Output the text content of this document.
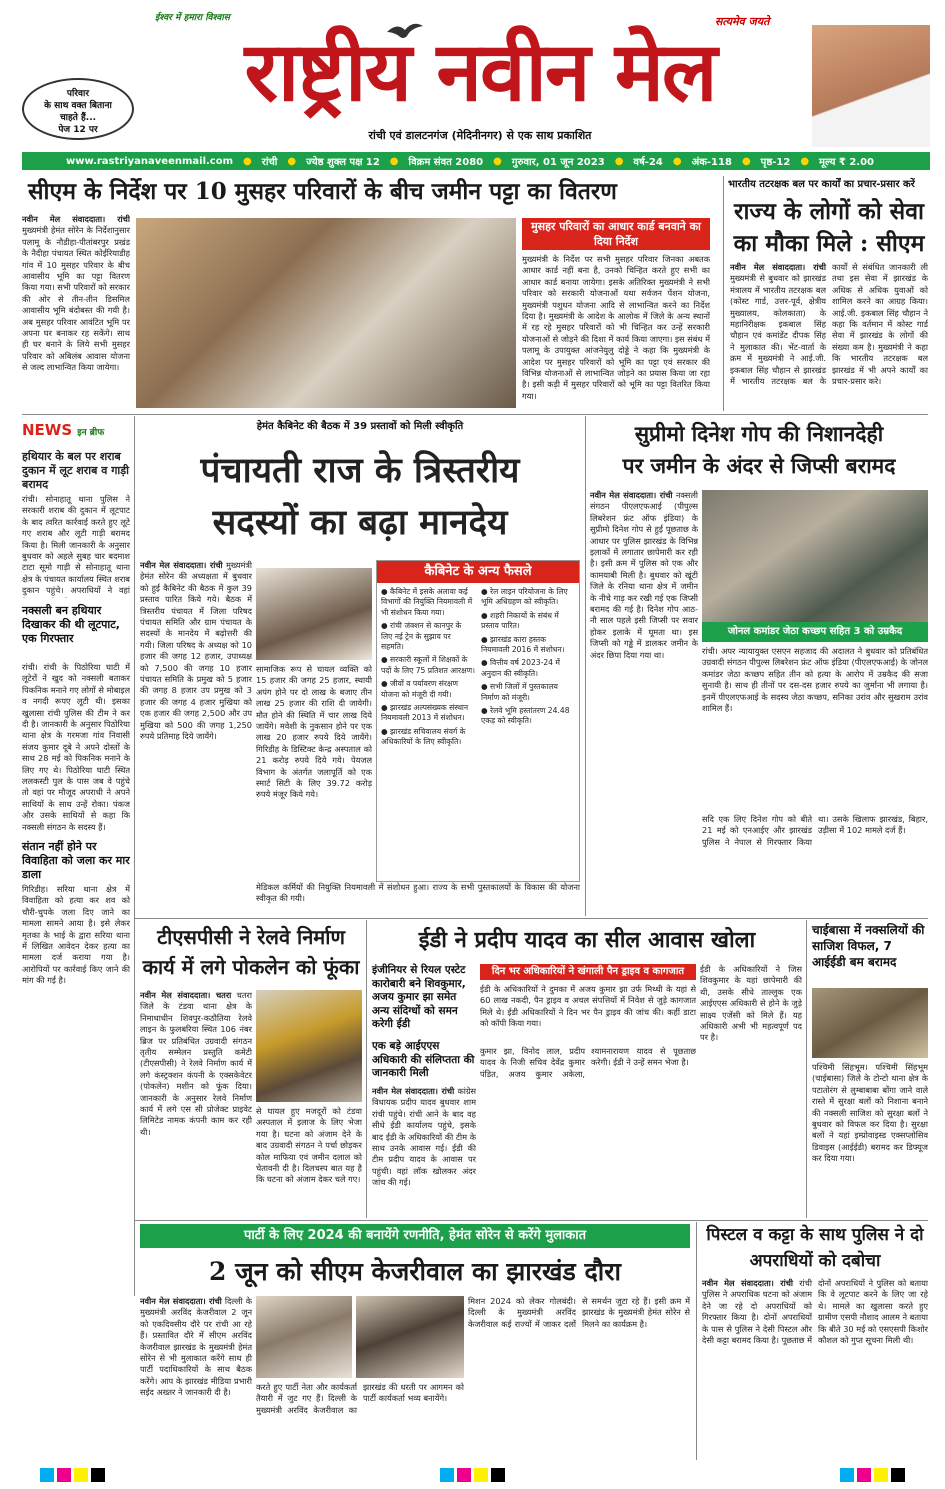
ईश्वर में हमारा विश्वास	सत्यमेव जयते
परिवार
के साथ वक्त बिताना
चाहते हैं...
पेज 12 पर
राष्ट्रीय नवीन मेल
रांची एवं डालटनगंज (मेदिनीनगर) से एक साथ प्रकाशित
www.rastriyanaveenmail.com ● रांची ● ज्येष्ठ शुक्ल पक्ष 12 ● विक्रम संवत 2080 ● गुरुवार, 01 जून 2023 ● वर्ष-24 ● अंक-118 ● पृष्ठ-12 ● मूल्य ₹ 2.00
सीएम के निर्देश पर 10 मुसहर परिवारों के बीच जमीन पट्टा का वितरण
नवीन मेल संवाददाता। रांची मुख्यमंत्री हेमंत सोरेन के निर्देशानुसार पलामू के नौडीहा-पीतांबरपुर प्रखंड के नैदीहा पंचायत स्थित कोईरियाडीह गांव में 10 मुसहर परिवार के बीच आवासीय भूमि का पट्टा वितरण किया गया। सभी परिवारों को सरकार की ओर से तीन-तीन डिसमिल आवासीय भूमि बंदोबस्त की गयी है। अब मुसहर परिवार आवंटित भूमि पर अपना घर बनाकर रह सकेंगे। साथ ही घर बनाने के लिये सभी मुसहर परिवार को अबिलंब आवास योजना से जल्द लाभान्वित किया जायेगा।
मुसहर परिवारों का आधार कार्ड बनवाने का दिया निर्देश
मुख्यमंत्री के निर्देश पर सभी मुसहर परिवार जिनका अबतक आधार कार्ड नहीं बना है, उनको चिन्हित करते हुए सभी का आधार कार्ड बनाया जायेगा। इसके अतिरिक्त मुख्यमंत्री ने सभी परिवार को सरकारी योजनाओं यथा सर्वजन पेंशन योजना, मुख्यमंत्री पशुधन योजना आदि से लाभान्वित करने का निर्देश दिया है। मुख्यमंत्री के आदेश के आलोक में जिले के अन्य स्थानों में रह रहे मुसहर परिवारों को भी चिन्हित कर उन्हें सरकारी योजनाओं से जोड़ने की दिशा में कार्य किया जाएगा। इस संबंध में पलामू के उपायुक्त आंजनेयुलु दोड्डे ने कहा कि मुख्यमंत्री के आदेश पर मुसहर परिवारों को भूमि का पट्टा एवं सरकार की विभिन्न योजनाओं से लाभान्वित जोड़ने का प्रयास किया जा रहा है। इसी कड़ी में मुसहर परिवारों को भूमि का पट्टा वितरित किया गया।
भारतीय तटरक्षक बल पर कार्यों का प्रचार-प्रसार करें
राज्य के लोगों को सेवा का मौका मिले : सीएम
नवीन मेल संवाददाता। रांची मुख्यमंत्री से बुधवार को झारखंड मंत्रालय में भारतीय तटरक्षक बल (कोस्ट गार्ड, उत्तर-पूर्व, क्षेत्रीय मुख्यालय, कोलकाता) के महानिरीक्षक इकबाल सिंह चौहान एवं कमांडेंट दीपक सिंह ने मुलाकात की। भेंट-वार्ता के क्रम में मुख्यमंत्री ने आई.जी. इकबाल सिंह चौहान से झारखंड में भारतीय तटरक्षक बल के कार्यों से संबंधित जानकारी ली तथा इस सेवा में झारखंड के अधिक से अधिक युवाओं को शामिल करने का आग्रह किया। आई.जी. इकबाल सिंह चौहान ने कहा कि वर्तमान में कोस्ट गार्ड सेवा में झारखंड के लोगों की संख्या कम है। मुख्यमंत्री ने कहा कि भारतीय तटरक्षक बल झारखंड में भी अपने कार्यों का प्रचार-प्रसार करे।
NEWS इन ब्रीफ
हथियार के बल पर शराब दुकान में लूट शराब व गाड़ी बरामद
रांची। सोनाहातू थाना पुलिस ने सरकारी शराब की दुकान में लूटपाट के बाद त्वरित कार्रवाई करते हुए लूटे गए शराब और लूटी गाड़ी बरामद किया है। मिली जानकारी के अनुसार बुधवार को अहले सुबह चार बदमाश टाटा सूमो गाड़ी से सोनाहातू थाना क्षेत्र के पंचायत कार्यालय स्थित शराब दुकान पहुंचे। अपराधियों ने वहां
नक्सली बन हथियार दिखाकर की थी लूटपाट, एक गिरफ्तार
रांची। रांची के पिठोरिया घाटी में लूटेरों ने खुद को नक्सली बताकर पिकनिक मनाने गए लोगों से मोबाइल व नगदी रूपए लूटी थी। इसका खुलासा रांची पुलिस की टीम ने कर दी है। जानकारी के अनुसार पिठोरिया थाना क्षेत्र के गरमजा गांव निवासी संजय कुमार दूबे ने अपने दोस्तों के साथ 28 मई को पिकनिक मनाने के लिए गए थे। पिठोरिया घाटी स्थित ललकस्टी पुल के पास जब वे पहुंचे तो वहां पर मौजूद अपराधी ने अपने साथियों के साथ उन्हें रोका। पंकज और उसके साथियों से कहा कि नक्सली संगठन के सदस्य हैं।
संतान नहीं होने पर विवाहिता को जला कर मार डाला
गिरिडीह। सरिया थाना क्षेत्र में विवाहिता को हत्या कर शव को चौरी-चुपके जला दिए जाने का मामला सामने आया है। इसे लेकर मृतका के भाई के द्वारा सरिया थाना में लिखित आवेदन देकर हत्या का मामला दर्ज कराया गया है। आरोपियों पर कार्रवाई किए जाने की मांग की गई है।
हेमंत कैबिनेट की बैठक में 39 प्रस्तावों को मिली स्वीकृति
पंचायती राज के त्रिस्तरीय
सदस्यों का बढ़ा मानदेय
नवीन मेल संवाददाता। रांची मुख्यमंत्री हेमंत सोरेन की अध्यक्षता में बुधवार को हुई कैबिनेट की बैठक में कुल 39 प्रस्ताव पारित किये गये। बैठक में त्रिस्तरीय पंचायत में जिला परिषद पंचायत समिति और ग्राम पंचायत के सदस्यों के मानदेय में बढ़ोत्तरी की गयी। जिला परिषद के अध्यक्ष को 10 हजार की जगह 12 हजार, उपाध्यक्ष को 7,500 की जगह 10 हजार पंचायत समिति के प्रमुख को 5 हजार की जगह 8 हजार उप प्रमुख को 3 हजार की जगह 4 हजार मुखिया को एक हजार की जगह 2,500 और उप मुखिया को 500 की जगह 1,250 रुपये प्रतिमाह दिये जायेंगे।
सामाजिक रूप से घायल व्यक्ति को 15 हजार की जगह 25 हजार, स्थायी अपंग होने पर दो लाख के बजाए तीन लाख 25 हजार की राशि दी जायेगी। मौत होने की स्थिति में चार लाख दिये जायेंगे। मवेशी के नुकसान होने पर एक लाख 20 हजार रुपये दिये जायेंगे। गिरिडीह के डिस्टिक्ट केन्द्र अस्पताल को 21 करोड़ रुपये दिये गये। पेयजल विभाग के अंतर्गत जलापूर्ति को एक स्मार्ट सिटी के लिए 39.72 करोड़ रुपये मंजूर किये गये।
कैबिनेट के अन्य फैसले
● कैबिनेट में इसके अलावा कई विभागों की नियुक्ति नियमावली में भी संशोधन किया गया।
● रांची जंक्शन से कानपुर के लिए नई ट्रेन के सुझाव पर सहमति।
● सरकारी स्कूलों में शिक्षकों के पदों के लिए 75 प्रतिशत आरक्षण।
● जीवों व पर्यावरण संरक्षण योजना को मंजूरी दी गयी।
● झारखंड अल्पसंख्यक संस्थान नियमावली 2013 में संशोधन।
● झारखंड सचिवालय संवर्ग के अधिकारियों के लिए स्वीकृति।
● रेल लाइन परियोजना के लिए भूमि अधिग्रहण को स्वीकृति।
● शहरी निकायों के संबंध में प्रस्ताव पारित।
● झारखंड कारा हस्तक नियमावली 2016 में संशोधन।
● वित्तीय वर्ष 2023-24 में अनुदान की स्वीकृति।
● सभी जिलों में पुस्तकालय निर्माण को मंजूरी।
● रेलवे भूमि हस्तांतरण 24.48 एकड़ को स्वीकृति।
मेडिकल कर्मियों की नियुक्ति नियमावली में संशोधन हुआ। राज्य के सभी पुस्तकालयों के विकास की योजना स्वीकृत की गयी।
सुप्रीमो दिनेश गोप की निशानदेही
पर जमीन के अंदर से जिप्सी बरामद
नवीन मेल संवाददाता। रांची नक्सली संगठन पीएलएफआई (पीपुल्स लिबरेशन फ्रंट ऑफ इंडिया) के सुप्रीमो दिनेश गोप से हुई पूछताछ के आधार पर पुलिस झारखंड के विभिन्न इलाकों में लगातार छापेमारी कर रही है। इसी क्रम में पुलिस को एक और कामयाबी मिली है। बुधवार को खूंटी जिले के रनिया थाना क्षेत्र में जमीन के नीचे गाड़ कर रखी गई एक जिप्सी बरामद की गई है। दिनेश गोप आठ-नौ साल पहले इसी जिप्सी पर सवार होकर इलाके में घूमता था। इस जिप्सी को गड्ढे में डालकर जमीन के अंदर छिपा दिया गया था।
जोनल कमांडर जेठा कच्छप सहित 3 को उम्रकैद
रांची। अपर न्यायायुक्त एसएन सहजाद की अदालत ने बुधवार को प्रतिबंधित उग्रवादी संगठन पीपुल्स लिबरेशन फ्रंट ऑफ इंडिया (पीएलएफआई) के जोनल कमांडर जेठा कच्छप सहित तीन को हत्या के आरोप में उम्रकैद की सजा सुनायी है। साथ ही तीनों पर दस-दस हजार रुपये का जुर्माना भी लगाया है। इनमें पीएलएफआई के सदस्य जेठा कच्छप, सनिका उरांव और सुखराम उरांव शामिल हैं।
सदि एक लिए दिनेश गोप को बीते 21 मई को एनआईए और झारखंड पुलिस ने नेपाल से गिरफ्तार किया था। उसके खिलाफ झारखंड, बिहार, उड़ीसा में 102 मामले दर्ज हैं।
टीएसपीसी ने रेलवे निर्माण
कार्य में लगे पोकलेन को फूंका
नवीन मेल संवाददाता। चतरा चतरा जिले के टंडवा थाना क्षेत्र के निमाधाधीन शिवपुर-कठौतिया रेलवे लाइन के फुलबरिया स्थित 106 नंबर ब्रिज पर प्रतिबंधित उग्रवादी संगठन तृतीय सम्मेलन प्रस्तुति कमेटी (टीएसपीसी) ने रेलवे निर्माण कार्य में लगे कंस्ट्रक्शन कंपनी के एक्सकेवेटर (पोकलेन) मशीन को फूंक दिया। जानकारी के अनुसार रेलवे निर्माण कार्य में लगे एस सी प्रोजेक्ट प्राइवेट लिमिटेड नामक कंपनी काम कर रही थी।
से घायल हुए मजदूरों को टंडवा अस्पताल में इलाज के लिए भेजा गया है। घटना को अंजाम देने के बाद उग्रवादी संगठन ने पर्चा छोड़कर कोल माफिया एवं जमीन दलाल को चेतावनी दी है। दिलचस्प बात यह है कि घटना को अंजाम देकर चले गए।
ईडी ने प्रदीप यादव का सील आवास खोला
इंजीनियर से रियल एस्टेट कारोबारी बने शिवकुमार, अजय कुमार झा समेत अन्य संदिग्धों को समन करेगी ईडी
एक बड़े आईएएस अधिकारी की संलिप्तता की जानकारी मिली
नवीन मेल संवाददाता। रांची कांग्रेस विधायक प्रदीप यादव बुधवार शाम रांची पहुंचे। रांची आने के बाद वह सीधे ईडी कार्यालय पहुंचे, इसके बाद ईडी के अधिकारियों की टीम के साथ उनके आवास गई। ईडी की टीम प्रदीप यादव के आवास पर पहुंची। वहां लॉक खोलकर अंदर जांच की गई।
दिन भर अधिकारियों ने खंगाली पैन ड्राइव व कागजात
ईडी के अधिकारियों ने दुमका में अजय कुमार झा उर्फ मिथ्थी के यहां से 60 लाख नकदी, पैन ड्राइव व अचल संपत्तियों में निवेश से जुड़े कागजात मिले थे। ईडी अधिकारियों ने दिन भर पैन ड्राइव की जांच की। कहीं डाटा को कॉपी किया गया।
कुमार झा, विनोद लाल, प्रदीप यादव के निजी सचिव देवेंद्र कुमार पंडित, अजय कुमार अकेला, श्यामनारायण यादव से पूछताछ करेगी। ईडी ने उन्हें समन भेजा है।
ईडी के अधिकारियों ने जिस शिवकुमार के यहां छापेमारी की थी, उसके सीधे ताल्लुक एक आईएएस अधिकारी से होने के जुड़े साक्ष्य एजेंसी को मिले हैं। यह अधिकारी अभी भी महत्वपूर्ण पद पर है।
चाईबासा में नक्सलियों की साजिश विफल, 7 आईईडी बम बरामद
पश्चिमी सिंहभूम। पश्चिमी सिंहभूम (चाईबासा) जिले के टोन्टो थाना क्षेत्र के पटातोरंग से लुम्बाबाबा बोंगा जाने वाले रास्ते में सुरक्षा बलों को निशाना बनाने की नक्सली साजिश को सुरक्षा बलों ने बुधवार को विफल कर दिया है। सुरक्षा बलों ने यहां इम्प्रोवाइस्ड एक्सप्लोसिव डिवाइस (आईईडी) बरामद कर डिफ्यूज कर दिया गया।
पार्टी के लिए 2024 की बनायेंगे रणनीति, हेमंत सोरेन से करेंगे मुलाकात
2 जून को सीएम केजरीवाल का झारखंड दौरा
नवीन मेल संवाददाता। रांची दिल्ली के मुख्यमंत्री अरविंद केजरीवाल 2 जून को एकदिवसीय दौरे पर रांची आ रहे हैं। प्रस्तावित दौरे में सीएम अरविंद केजरीवाल झारखंड के मुख्यमंत्री हेमंत सोरेन से भी मुलाकात करेंगे साथ ही पार्टी पदाधिकारियों के साथ बैठक करेंगे। आप के झारखंड मीडिया प्रभारी सईद अख्तर ने जानकारी दी है।
करते हुए पार्टी नेता और कार्यकर्ता तैयारी में जुट गए हैं। दिल्ली के मुख्यमंत्री अरविंद केजरीवाल का झारखंड की धरती पर आगमन को पार्टी कार्यकर्ता भव्य बनायेंगे।
मिशन 2024 को लेकर गोलबंदी। दिल्ली के मुख्यमंत्री अरविंद केजरीवाल कई राज्यों में जाकर दलों से समर्थन जुटा रहे हैं। इसी क्रम में झारखंड के मुख्यमंत्री हेमंत सोरेन से मिलने का कार्यक्रम है।
पिस्टल व कट्टा के साथ पुलिस ने दो अपराधियों को दबोचा
नवीन मेल संवाददाता। रांची रांची पुलिस ने अपराधिक घटना को अंजाम देने जा रहे दो अपराधियों को गिरफ्तार किया है। दोनों अपराधियों के पास से पुलिस ने देसी पिस्टल और देसी कट्टा बरामद किया है। पूछताछ में दोनों अपराधियों ने पुलिस को बताया कि वे लूटपाट करने के लिए जा रहे थे। मामले का खुलासा करते हुए ग्रामीण एसपी नौशाद आलम ने बताया कि बीते 30 मई को एसएसपी किशोर कौशल को गुप्त सूचना मिली थी।
